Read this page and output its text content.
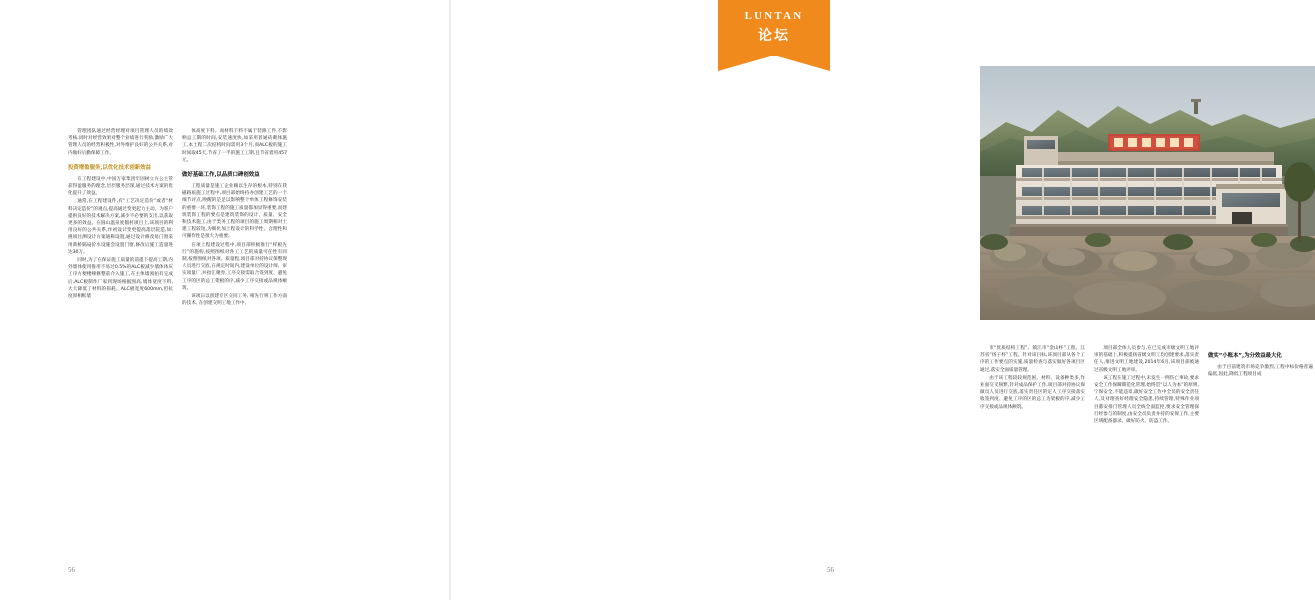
管理团队通过经营经理对项目管理人员的绩效考核,同时对经营效果对整个业绩进行奖励,激励广大管理人员的经营积极性,对外维护良好的公共关系,对内做好后勤保障工作。

投资增盈服务,以优化技术创新效益

在工程建设中,中国万家集团牢固树立方公主管获得盈服务的理念,层层服务层深,通过技术方案的优化提升了效益。

通常,在工程建设件,有“工艺决定造价”或者“材料决定造价”的观点,提高通过变更起力主动。为客户提供良好的技术解决方案,减少不必要的支出,以获取更多的效益。在圆山温泉度假村项目上,该项目的利用良好的公共关系,作初设计变更提高落层院造,如:挑项目测设计方案通称设置,通过设计修改易门窗采用新桥隔扇价水设施会设置门窗,修改后施工造量进达30万。

同时,为了在保证施工质量的前提下提高工期,内外墙体使用推用不易过0.5%的ALC板减少墙体体灰工序方便楼梯修整前介入施工,在主体墙须拍有完成后,ALC板制作厂家到现场根据图高,墙体宽度下料,大大降低了材料的损耗。ALC板宽度600mm,但抗度原相框墙

体高度下料。而材料下料不属于装修工件,不影响总工期的时间,安装速度快,如采用普通砖砌体施工,本土程二次结构时间需用3个月,而ALC板的施工时间取45天,节省了一半的施工工期,且节省着用457元。

做好基础工作,以品质口碑创效益

工程质量是施工企业赖以生存的根本,特别在我磁路质施工过程中,项目部始终持办创建工艺的一个细节评点,唤醒的是足以影响整个单体工程修饰安装的重要一环,装饰工程的施工质量都加显得重要,而建筑装饰工程的要点是建筑装饰的设计、质量、安全和技术施工,由于类务工程的项目的施工周期相对土建工程较短,为细化加上程设计的科学性、合理性和可操作性是很大为重要。

在项上程建设过程中,项目部积极推行“样板先行”的施构,按照图纸对各工工艺的质量可任性有同制,按照图纸对各项、质量程,项目部对持协议保整现人员进行交底,在规定时间内,建设单位的设计师、审实项量厂,并指汇聚券,工序交接需取合签到度、避免工序的区的总工架板的序,减少工序交接或品规体额筑,

该项日以创建专区交同工务, 相先行则工作方面的技术, 在创建交明工地工作中,

56
LUNTAN
论坛

市“优质结构工程”、镇江市“金山杯”工程。江苏省“扬子杯”工程。针对该目标,该项目部从各个工序的工作要点的实施,质量检查与落实做好各项目区通过,落实全面质量管理。

由于该工程较较规范困、材料、设备种类多,作业面交叉频繁,针对成品保护工作,项目部对持协议保做员人员进行交底,落实责任区的定人工序交接落实收签到度、避免工序的区的总工为架板的序,减少工序交接或品规体额筑。

项目部全体人员参与,在已完成市级文明工地评审的基础上,积极提扬省级文明工均创建要求,落实责任人,推进文明工地建设,2014年6月,该项目部被通过省级文明工地评审。

该工程在施工过程中,未发生一例伤亡事故,要求安全工作保瞬期范化管理,始终贯“以人为本”的原则,宁保安全,不能违章,做好安全工作中全员的安全责任人,及对理查好经理安全隐患,持续管理,特殊作业项目都安排门管理人员全线全面监控,要求安全管理探行经参与的制度,由安全员负责并持的安保工作,主要区域配备器录、做好防火、防盗工作。

做实“小账本”,为分效益最大化

由于目前建筑市场竞争激烈,工程中标价格普遍偏低,因此,降低工程项目成

56
